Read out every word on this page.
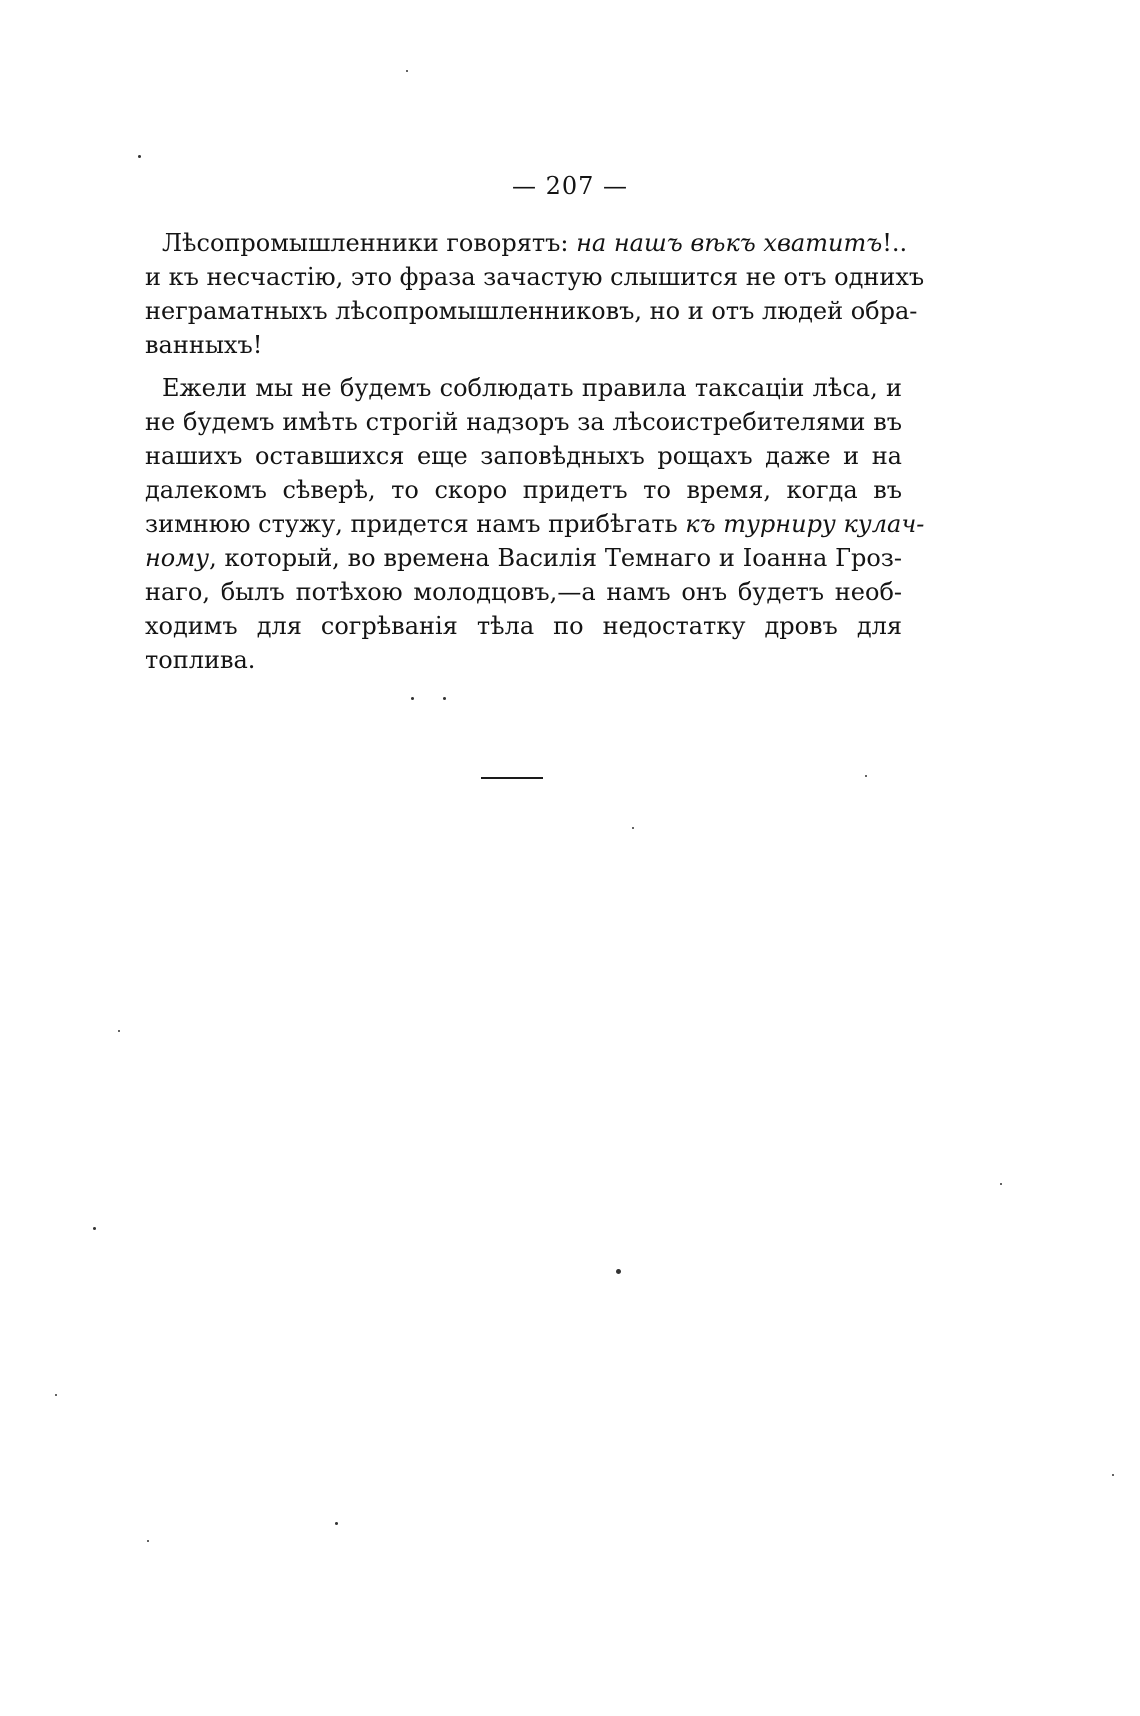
— 207 —
Лѣсопромышленники говорятъ: на нашъ вѣкъ хватитъ!..
и къ несчастію, это фраза зачастую слышится не отъ однихъ
неграматныхъ лѣсопромышленниковъ, но и отъ людей обра-
ванныхъ!
Ежели мы не будемъ соблюдать правила таксаціи лѣса, и
не будемъ имѣть строгій надзоръ за лѣсоистребителями въ
нашихъ оставшихся еще заповѣдныхъ рощахъ даже и на
далекомъ сѣверѣ, то скоро придетъ то время, когда въ
зимнюю стужу, придется намъ прибѣгать къ турниру кулач-
ному, который, во времена Василія Темнаго и Іоанна Гроз-
наго, былъ потѣхою молодцовъ,—а намъ онъ будетъ необ-
ходимъ для согрѣванія тѣла по недостатку дровъ для
топлива.
